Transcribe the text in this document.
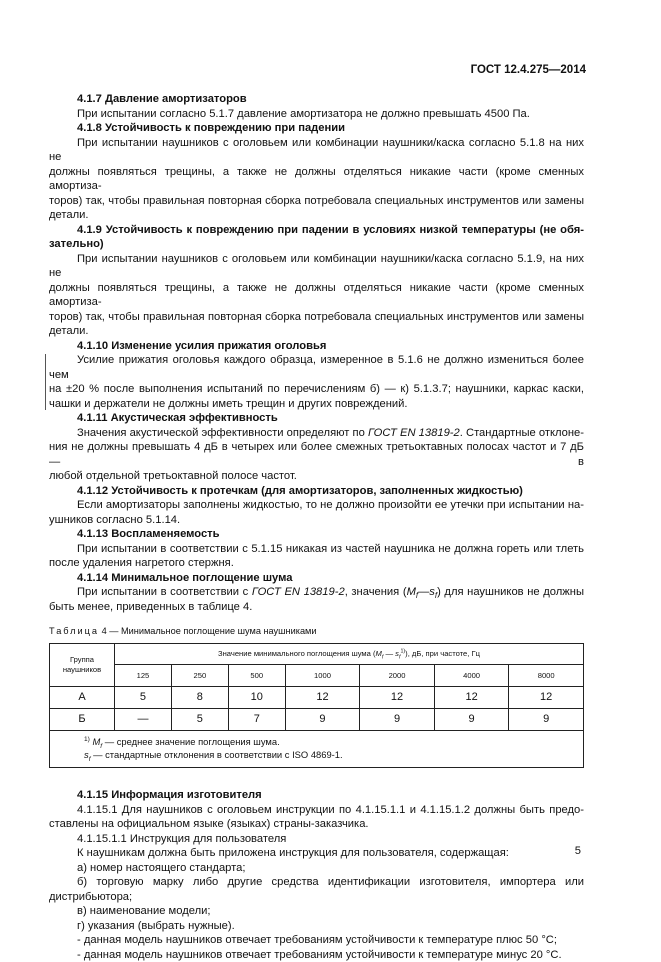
ГОСТ 12.4.275—2014
4.1.7 Давление амортизаторов
При испытании согласно 5.1.7 давление амортизатора не должно превышать 4500 Па.
4.1.8 Устойчивость к повреждению при падении
При испытании наушников с оголовьем или комбинации наушники/каска согласно 5.1.8 на них не
должны появляться трещины, а также не должны отделяться никакие части (кроме сменных амортиза-
торов) так, чтобы правильная повторная сборка потребовала специальных инструментов или замены
детали.
4.1.9 Устойчивость к повреждению при падении в условиях низкой температуры (не обя-
зательно)
При испытании наушников с оголовьем или комбинации наушники/каска согласно 5.1.9, на них не
должны появляться трещины, а также не должны отделяться никакие части (кроме сменных амортиза-
торов) так, чтобы правильная повторная сборка потребовала специальных инструментов или замены
детали.
4.1.10 Изменение усилия прижатия оголовья
Усилие прижатия оголовья каждого образца, измеренное в 5.1.6 не должно измениться более чем
на ±20 % после выполнения испытаний по перечислениям б) — к) 5.1.3.7; наушники, каркас каски,
чашки и держатели не должны иметь трещин и других повреждений.
4.1.11 Акустическая эффективность
Значения акустической эффективности определяют по ГОСТ EN 13819-2. Стандартные отклоне-
ния не должны превышать 4 дБ в четырех или более смежных третьоктавных полосах частот и 7 дБ — в
любой отдельной третьоктавной полосе частот.
4.1.12 Устойчивость к протечкам (для амортизаторов, заполненных жидкостью)
Если амортизаторы заполнены жидкостью, то не должно произойти ее утечки при испытании на-
ушников согласно 5.1.14.
4.1.13 Воспламеняемость
При испытании в соответствии с 5.1.15 никакая из частей наушника не должна гореть или тлеть
после удаления нагретого стержня.
4.1.14 Минимальное поглощение шума
При испытании в соответствии с ГОСТ EN 13819-2, значения $(M_f—s_f)$ для наушников не должны
быть менее, приведенных в таблице 4.
Таблица 4 — Минимальное поглощение шума наушниками
Группа наушников	Значение минимального поглощения шума ($M_f$ — $s_f^{1)}$), дБ, при частоте, Гц						
	125	250	500	1000	2000	4000	8000
А	5	8	10	12	12	12	12
Б	—	5	7	9	9	9	9

$^{1)}$ $M_f$ — среднее значение поглощения шума.
$s_f$ — стандартные отклонения в соответствии с ISO 4869-1.							
4.1.15 Информация изготовителя
4.1.15.1 Для наушников с оголовьем инструкции по 4.1.15.1.1 и 4.1.15.1.2 должны быть предо-
ставлены на официальном языке (языках) страны-заказчика.
4.1.15.1.1 Инструкция для пользователя
К наушникам должна быть приложена инструкция для пользователя, содержащая:
а) номер настоящего стандарта;
б) торговую марку либо другие средства идентификации изготовителя, импортера или
дистрибьютора;
в) наименование модели;
г) указания (выбрать нужные).
- данная модель наушников отвечает требованиям устойчивости к температуре плюс 50 °С;
- данная модель наушников отвечает требованиям устойчивости к температуре минус 20 °С.
5
